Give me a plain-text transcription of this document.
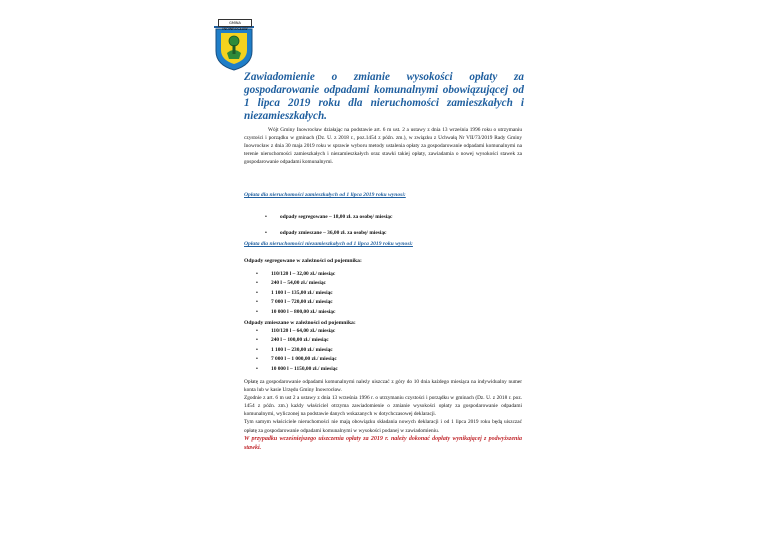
GMINA INOWROCŁAW
Zawiadomienie o zmianie wysokości opłaty za gospodarowanie odpadami komunalnymi obowiązującej od 1 lipca 2019 roku dla nieruchomości zamieszkałych i niezamieszkałych.

Wójt Gminy Inowrocław działając na podstawie art. 6 m ust. 2 a ustawy z dnia 13 września 1996 roku o utrzymaniu czystości i porządku w gminach (Dz. U. z 2018 r., poz.1454 z późn. zm.), w związku z Uchwałą Nr VII/73/2019 Rady Gminy Inowrocław z dnia 30 maja 2019 roku w sprawie wyboru metody ustalenia opłaty za gospodarowanie odpadami komunalnymi na terenie nieruchomości zamieszkałych i niezamieszkałych oraz stawki takiej opłaty, zawiadamia o nowej wysokości stawek za gospodarowanie odpadami komunalnymi.

Opłata dla nieruchomości zamieszkałych od 1 lipca 2019 roku wynosi:
• odpady segregowane – 18,00 zł. za osobę/ miesiąc
• odpady zmieszane – 36,00 zł. za osobę/ miesiąc
Opłata dla nieruchomości niezamieszkałych od 1 lipca 2019 roku wynosi:
Odpady segregowane w zależności od pojemnika:
• 110/120 l – 32,00 zł./ miesiąc
• 240 l – 54,00 zł./ miesiąc
• 1 100 l – 135,00 zł./ miesiąc
• 7 000 l – 720,00 zł./ miesiąc
• 10 000 l – 800,00 zł./ miesiąc
Odpady zmieszane w zależności od pojemnika:
• 110/120 l – 64,00 zł./ miesiąc
• 240 l – 100,00 zł./ miesiąc
• 1 100 l – 230,00 zł./ miesiąc
• 7 000 l – 1 000,00 zł./ miesiąc
• 10 000 l – 1150,00 zł./ miesiąc

Opłatę za gospodarowanie odpadami komunalnymi należy uiszczać z góry do 10 dnia każdego miesiąca na indywidualny numer konta lub w kasie Urzędu Gminy Inowrocław.

Zgodnie z art. 6 m ust 2 a ustawy z dnia 13 września 1996 r. o utrzymaniu czystości i porządku w gminach (Dz. U. z 2018 r. poz. 1454 z późn. zm.) każdy właściciel otrzyma zawiadomienie o zmianie wysokości opłaty za gospodarowanie odpadami komunalnymi, wyliczonej na podstawie danych wskazanych w dotychczasowej deklaracji.

Tym samym właściciele nieruchomości nie mają obowiązku składania nowych deklaracji i od 1 lipca 2019 roku będą uiszczać opłatę za gospodarowanie odpadami komunalnymi w wysokości podanej w zawiadomieniu.

W przypadku wcześniejszego uiszczenia opłaty za 2019 r. należy dokonać dopłaty wynikającej z podwyższenia stawki.
